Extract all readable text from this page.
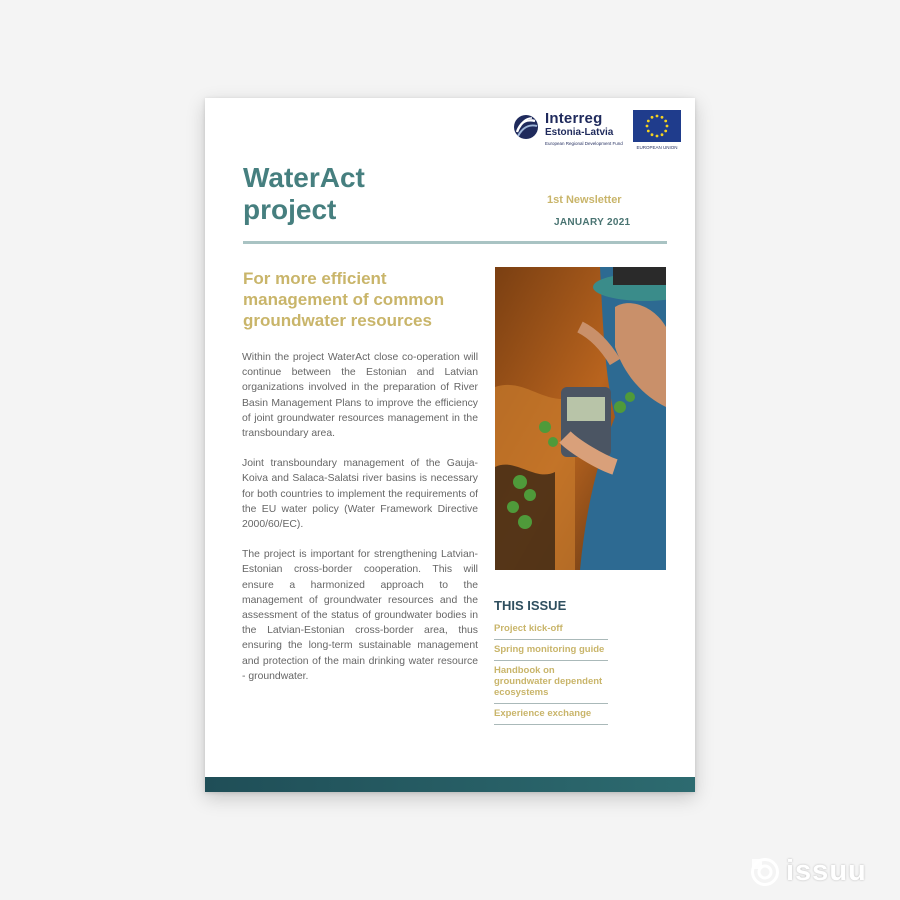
Interreg
Estonia-Latvia
European Regional Development Fund
EUROPEAN UNION
WaterAct project	1st Newsletter
JANUARY 2021
For more efficient management of common groundwater resources

Within the project WaterAct close co-operation will continue between the Estonian and Latvian organizations involved in the preparation of River Basin Management Plans to improve the efficiency of joint groundwater resources management in the transboundary area.

Joint transboundary management of the Gauja-Koiva and Salaca-Salatsi river basins is necessary for both countries to implement the requirements of the EU water policy (Water Framework Directive 2000/60/EC).

The project is important for strengthening Latvian-Estonian cross-border cooperation. This will ensure a harmonized approach to the management of groundwater resources and the assessment of the status of groundwater bodies in the Latvian-Estonian cross-border area, thus ensuring the long-term sustainable management and protection of the main drinking water resource - groundwater.

THIS ISSUE
Project kick-off
Spring monitoring guide
Handbook on groundwater dependent ecosystems
Experience exchange
issuu
